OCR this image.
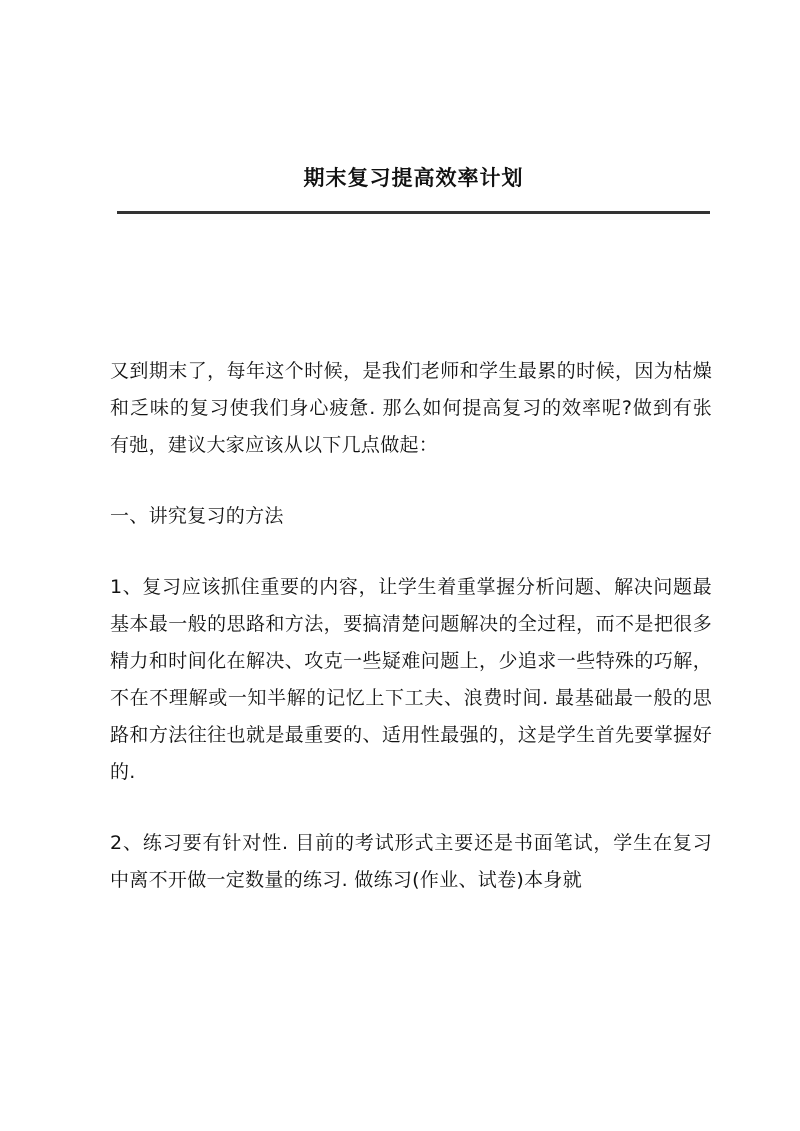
期末复习提高效率计划

又到期末了，每年这个时候，是我们老师和学生最累的时候，因为枯燥和乏味的复习使我们身心疲惫. 那么如何提高复习的效率呢?做到有张有弛，建议大家应该从以下几点做起：

一、讲究复习的方法

1、复习应该抓住重要的内容，让学生着重掌握分析问题、解决问题最基本最一般的思路和方法，要搞清楚问题解决的全过程，而不是把很多精力和时间化在解决、攻克一些疑难问题上，少追求一些特殊的巧解，不在不理解或一知半解的记忆上下工夫、浪费时间. 最基础最一般的思路和方法往往也就是最重要的、适用性最强的，这是学生首先要掌握好的.

2、练习要有针对性. 目前的考试形式主要还是书面笔试，学生在复习中离不开做一定数量的练习. 做练习(作业、试卷)本身就
